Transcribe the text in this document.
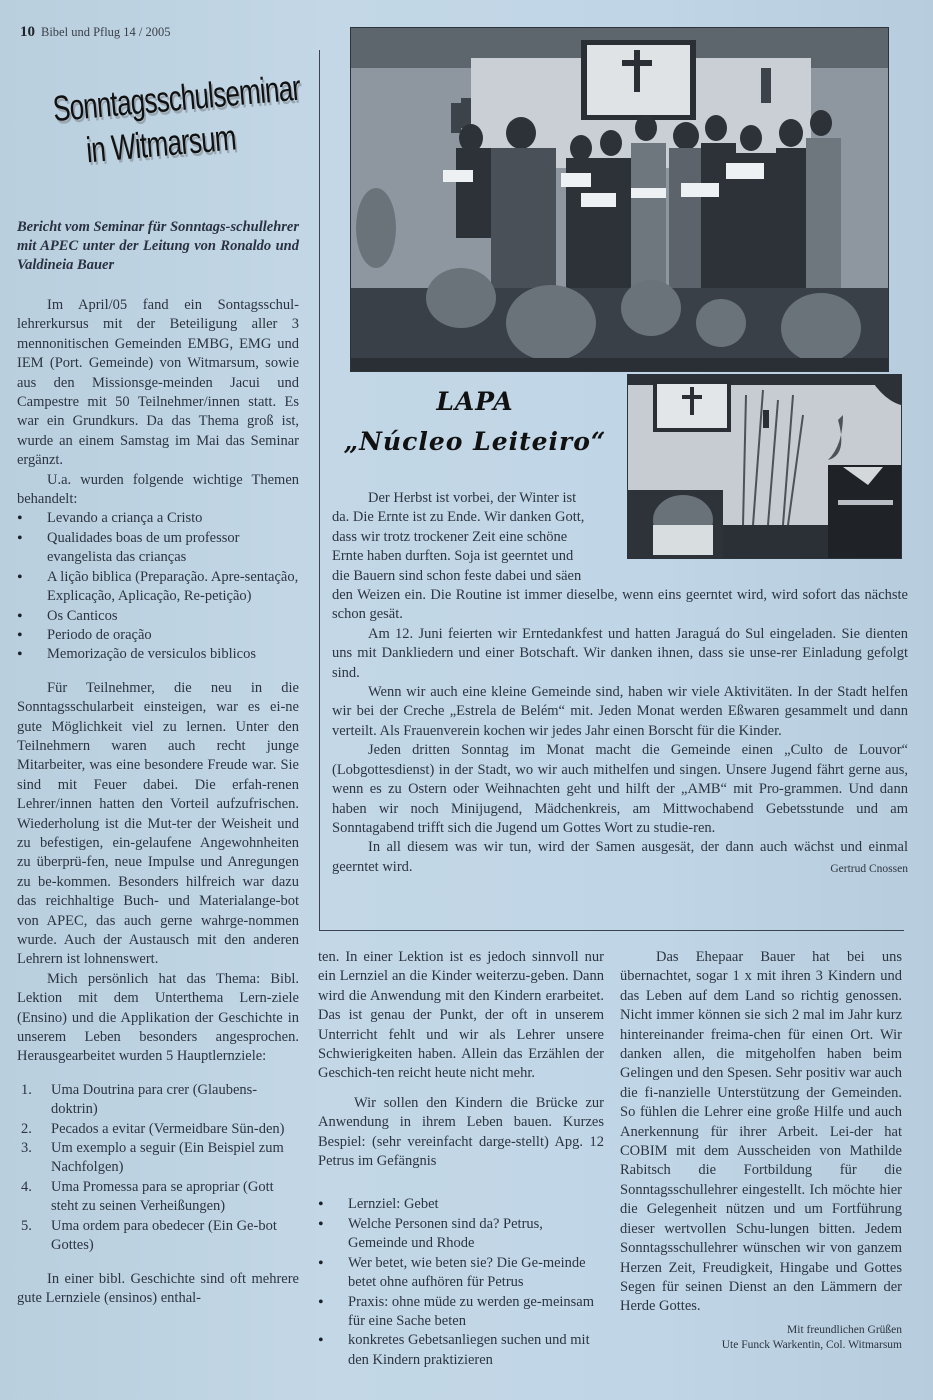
10 Bibel und Pflug 14 / 2005
Sonntagsschulseminar
in Witmarsum
Bericht vom Seminar für Sonntags-schullehrer mit APEC unter der Leitung von Ronaldo und Valdineia Bauer

Im April/05 fand ein Sontagsschul-lehrerkursus mit der Beteiligung aller 3 mennonitischen Gemeinden EMBG, EMG und IEM (Port. Gemeinde) von Witmarsum, sowie aus den Missionsge-meinden Jacui und Campestre mit 50 Teilnehmer/innen statt. Es war ein Grundkurs. Da das Thema groß ist, wurde an einem Samstag im Mai das Seminar ergänzt.

U.a. wurden folgende wichtige Themen behandelt:

• Levando a criança a Cristo
• Qualidades boas de um professor evangelista das crianças
• A lição biblica (Preparação. Apre-sentação, Explicação, Aplicação, Re-petição)
• Os Canticos
• Periodo de oração
• Memorização de versiculos biblicos

Für Teilnehmer, die neu in die Sonntagsschularbeit einsteigen, war es ei-ne gute Möglichkeit viel zu lernen. Unter den Teilnehmern waren auch recht junge Mitarbeiter, was eine besondere Freude war. Sie sind mit Feuer dabei. Die erfah-renen Lehrer/innen hatten den Vorteil aufzufrischen. Wiederholung ist die Mut-ter der Weisheit und zu befestigen, ein-gelaufene Angewohnheiten zu überprü-fen, neue Impulse und Anregungen zu be-kommen. Besonders hilfreich war dazu das reichhaltige Buch- und Materialange-bot von APEC, das auch gerne wahrge-nommen wurde. Auch der Austausch mit den anderen Lehrern ist lohnenswert.

Mich persönlich hat das Thema: Bibl. Lektion mit dem Unterthema Lern-ziele (Ensino) und die Applikation der Geschichte in unserem Leben besonders angesprochen. Herausgearbeitet wurden 5 Hauptlernziele:

1. Uma Doutrina para crer (Glaubens-doktrin)
2. Pecados a evitar (Vermeidbare Sün-den)
3. Um exemplo a seguir (Ein Beispiel zum Nachfolgen)
4. Uma Promessa para se apropriar (Gott steht zu seinen Verheißungen)
5. Uma ordem para obedecer (Ein Ge-bot Gottes)

In einer bibl. Geschichte sind oft mehrere gute Lernziele (ensinos) enthal-

LAPA
„Núcleo Leiteiro“
Der Herbst ist vorbei, der Winter ist
da. Die Ernte ist zu Ende. Wir danken Gott,
dass wir trotz trockener Zeit eine schöne
Ernte haben durften. Soja ist geerntet und
die Bauern sind schon feste dabei und säen

den Weizen ein. Die Routine ist immer dieselbe, wenn eins geerntet wird, wird sofort das nächste schon gesät.

Am 12. Juni feierten wir Erntedankfest und hatten Jaraguá do Sul eingeladen. Sie dienten uns mit Dankliedern und einer Botschaft. Wir danken ihnen, dass sie unse-rer Einladung gefolgt sind.

Wenn wir auch eine kleine Gemeinde sind, haben wir viele Aktivitäten. In der Stadt helfen wir bei der Creche „Estrela de Belém“ mit. Jeden Monat werden Eßwaren gesammelt und dann verteilt. Als Frauenverein kochen wir jedes Jahr einen Borscht für die Kinder.

Jeden dritten Sonntag im Monat macht die Gemeinde einen „Culto de Louvor“ (Lobgottesdienst) in der Stadt, wo wir auch mithelfen und singen. Unsere Jugend fährt gerne aus, wenn es zu Ostern oder Weihnachten geht und hilft der „AMB“ mit Pro-grammen. Und dann haben wir noch Minijugend, Mädchenkreis, am Mittwochabend Gebetsstunde und am Sonntagabend trifft sich die Jugend um Gottes Wort zu studie-ren.

In all diesem was wir tun, wird der Samen ausgesät, der dann auch wächst und einmal geerntet wird.	Gertrud Cnossen

ten. In einer Lektion ist es jedoch sinnvoll nur ein Lernziel an die Kinder weiterzu-geben. Dann wird die Anwendung mit den Kindern erarbeitet. Das ist genau der Punkt, der oft in unserem Unterricht fehlt und wir als Lehrer unsere Schwierigkeiten haben. Allein das Erzählen der Geschich-ten reicht heute nicht mehr.

Wir sollen den Kindern die Brücke zur Anwendung in ihrem Leben bauen. Kurzes Bespiel: (sehr vereinfacht darge-stellt) Apg. 12 Petrus im Gefängnis

• Lernziel: Gebet
• Welche Personen sind da? Petrus, Gemeinde und Rhode
• Wer betet, wie beten sie? Die Ge-meinde betet ohne aufhören für Petrus
• Praxis: ohne müde zu werden ge-meinsam für eine Sache beten
• konkretes Gebetsanliegen suchen und mit den Kindern praktizieren

Das Ehepaar Bauer hat bei uns übernachtet, sogar 1 x mit ihren 3 Kindern und das Leben auf dem Land so richtig genossen. Nicht immer können sie sich 2 mal im Jahr kurz hintereinander freima-chen für einen Ort. Wir danken allen, die mitgeholfen haben beim Gelingen und den Spesen. Sehr positiv war auch die fi-nanzielle Unterstützung der Gemeinden. So fühlen die Lehrer eine große Hilfe und auch Anerkennung für ihrer Arbeit. Lei-der hat COBIM mit dem Ausscheiden von Mathilde Rabitsch die Fortbildung für die Sonntagsschullehrer eingestellt. Ich möchte hier die Gelegenheit nützen und um Fortführung dieser wertvollen Schu-lungen bitten. Jedem Sonntagsschullehrer wünschen wir von ganzem Herzen Zeit, Freudigkeit, Hingabe und Gottes Segen für seinen Dienst an den Lämmern der Herde Gottes.

Mit freundlichen Grüßen
Ute Funck Warkentin, Col. Witmarsum
